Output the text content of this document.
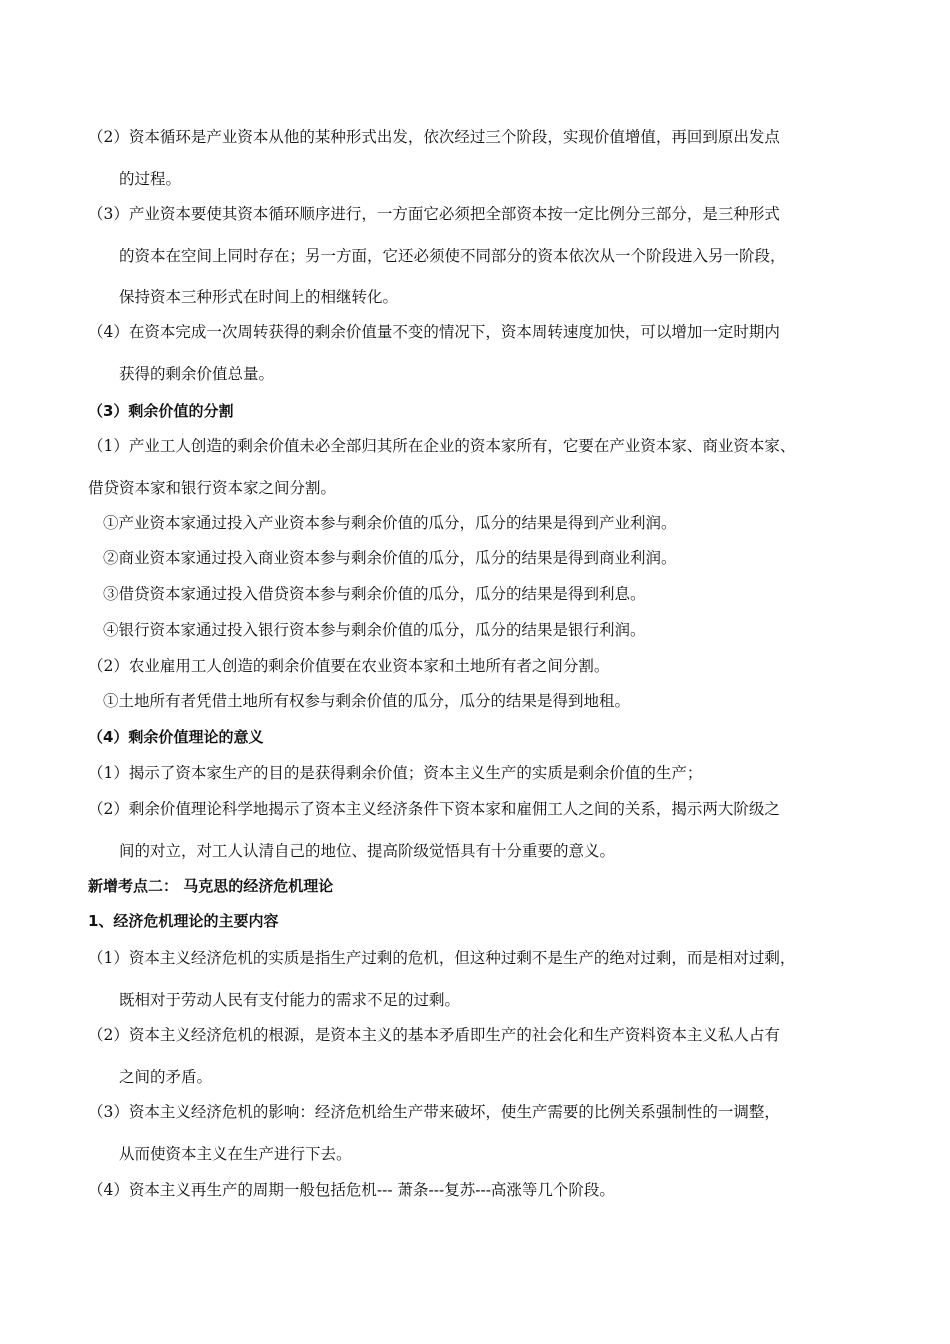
（2）资本循环是产业资本从他的某种形式出发，依次经过三个阶段，实现价值增值，再回到原出发点
的过程。
（3）产业资本要使其资本循环顺序进行，一方面它必须把全部资本按一定比例分三部分，是三种形式
的资本在空间上同时存在；另一方面，它还必须使不同部分的资本依次从一个阶段进入另一阶段，
保持资本三种形式在时间上的相继转化。
（4）在资本完成一次周转获得的剩余价值量不变的情况下，资本周转速度加快，可以增加一定时期内
获得的剩余价值总量。
（3）剩余价值的分割
（1）产业工人创造的剩余价值未必全部归其所在企业的资本家所有，它要在产业资本家、商业资本家、
借贷资本家和银行资本家之间分割。
①产业资本家通过投入产业资本参与剩余价值的瓜分，瓜分的结果是得到产业利润。
②商业资本家通过投入商业资本参与剩余价值的瓜分，瓜分的结果是得到商业利润。
③借贷资本家通过投入借贷资本参与剩余价值的瓜分，瓜分的结果是得到利息。
④银行资本家通过投入银行资本参与剩余价值的瓜分，瓜分的结果是银行利润。
（2）农业雇用工人创造的剩余价值要在农业资本家和土地所有者之间分割。
①土地所有者凭借土地所有权参与剩余价值的瓜分，瓜分的结果是得到地租。
（4）剩余价值理论的意义
（1）揭示了资本家生产的目的是获得剩余价值；资本主义生产的实质是剩余价值的生产；
（2）剩余价值理论科学地揭示了资本主义经济条件下资本家和雇佣工人之间的关系，揭示两大阶级之
间的对立，对工人认清自己的地位、提高阶级觉悟具有十分重要的意义。
新增考点二： 马克思的经济危机理论
1、经济危机理论的主要内容
（1）资本主义经济危机的实质是指生产过剩的危机，但这种过剩不是生产的绝对过剩，而是相对过剩，
既相对于劳动人民有支付能力的需求不足的过剩。
（2）资本主义经济危机的根源，是资本主义的基本矛盾即生产的社会化和生产资料资本主义私人占有
之间的矛盾。
（3）资本主义经济危机的影响：经济危机给生产带来破坏，使生产需要的比例关系强制性的一调整，
从而使资本主义在生产进行下去。
（4）资本主义再生产的周期一般包括危机--- 萧条---复苏---高涨等几个阶段。
